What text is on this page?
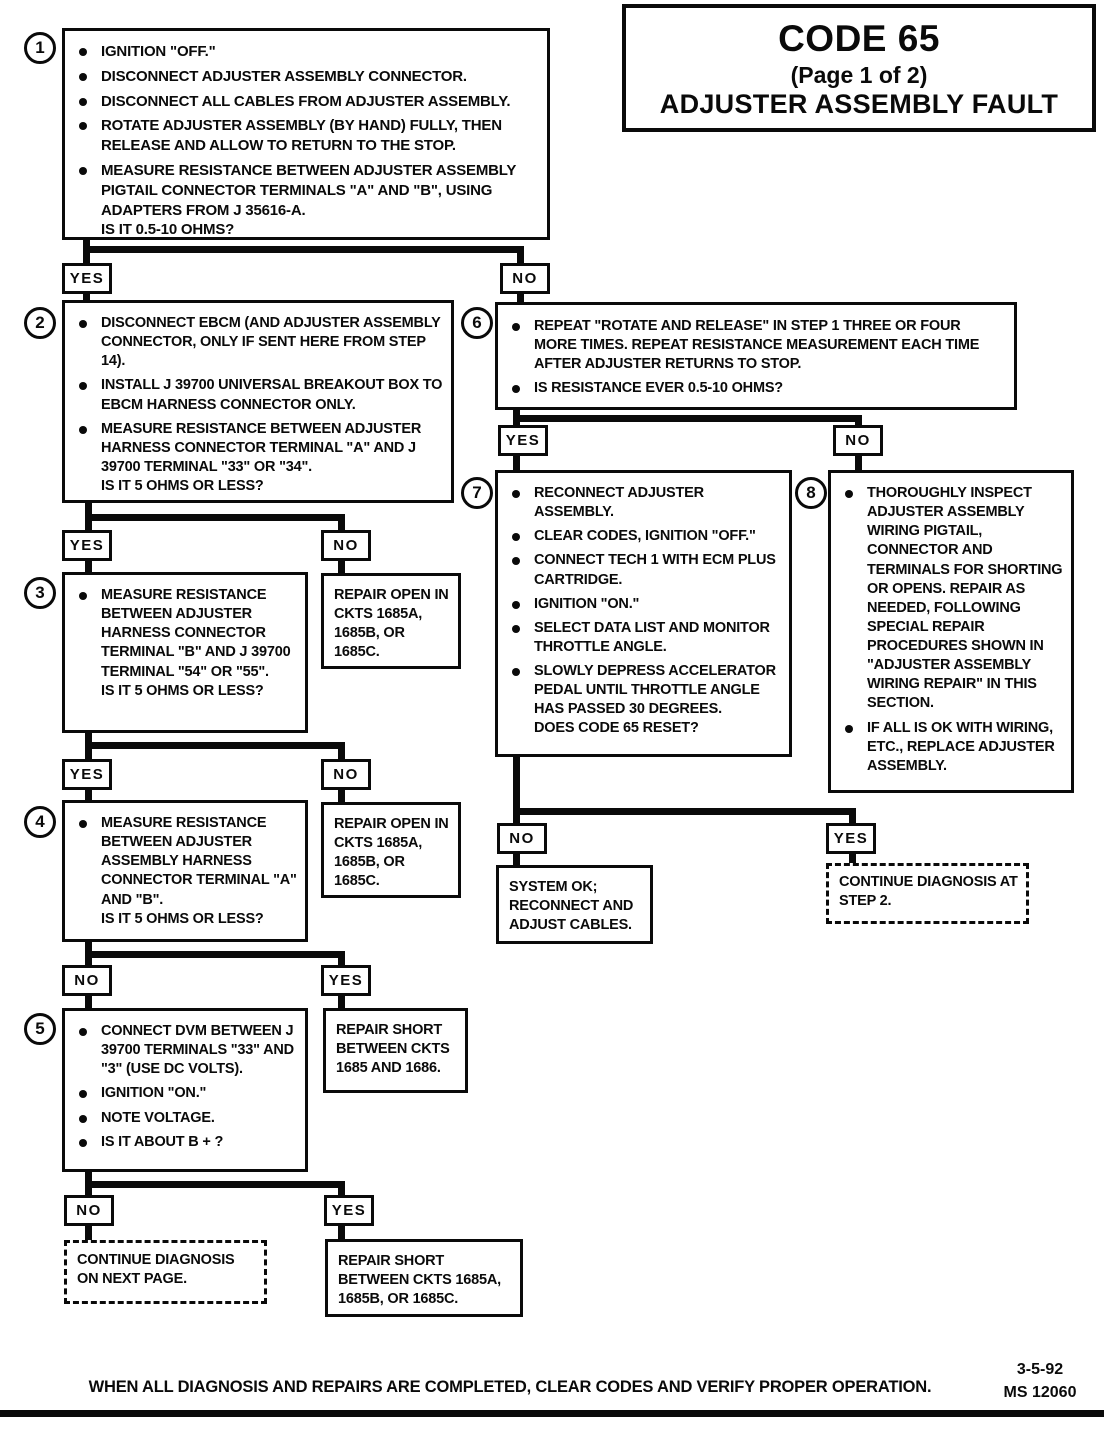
CODE 65
(Page 1 of 2)
ADJUSTER ASSEMBLY FAULT
1
2
3
4
5
6
7	8
IGNITION "OFF."
DISCONNECT ADJUSTER ASSEMBLY CONNECTOR.
DISCONNECT ALL CABLES FROM ADJUSTER ASSEMBLY.
ROTATE ADJUSTER ASSEMBLY (BY HAND) FULLY, THEN RELEASE AND ALLOW TO RETURN TO THE STOP.
MEASURE RESISTANCE BETWEEN ADJUSTER ASSEMBLY PIGTAIL CONNECTOR TERMINALS "A" AND "B", USING ADAPTERS FROM J 35616-A.
IS IT 0.5-10 OHMS?
DISCONNECT EBCM (AND ADJUSTER ASSEMBLY CONNECTOR, ONLY IF SENT HERE FROM STEP 14).
INSTALL J 39700 UNIVERSAL BREAKOUT BOX TO EBCM HARNESS CONNECTOR ONLY.
MEASURE RESISTANCE BETWEEN ADJUSTER HARNESS CONNECTOR TERMINAL "A" AND J 39700 TERMINAL "33" OR "34".
IS IT 5 OHMS OR LESS?
MEASURE RESISTANCE BETWEEN ADJUSTER HARNESS CONNECTOR TERMINAL "B" AND J 39700 TERMINAL "54" OR "55".
IS IT 5 OHMS OR LESS?
REPAIR OPEN IN CKTS 1685A, 1685B, OR 1685C.
MEASURE RESISTANCE BETWEEN ADJUSTER ASSEMBLY HARNESS CONNECTOR TERMINAL "A" AND "B".
IS IT 5 OHMS OR LESS?
REPAIR OPEN IN CKTS 1685A, 1685B, OR 1685C.
CONNECT DVM BETWEEN J 39700 TERMINALS "33" AND "3" (USE DC VOLTS).
IGNITION "ON."
NOTE VOLTAGE.
IS IT ABOUT B + ?
REPAIR SHORT BETWEEN CKTS 1685 AND 1686.
CONTINUE DIAGNOSIS ON NEXT PAGE.
REPAIR SHORT BETWEEN CKTS 1685A, 1685B, OR 1685C.
REPEAT "ROTATE AND RELEASE" IN STEP 1 THREE OR FOUR MORE TIMES. REPEAT RESISTANCE MEASUREMENT EACH TIME AFTER ADJUSTER RETURNS TO STOP.
IS RESISTANCE EVER 0.5-10 OHMS?
RECONNECT ADJUSTER ASSEMBLY.
CLEAR CODES, IGNITION "OFF."
CONNECT TECH 1 WITH ECM PLUS CARTRIDGE.
IGNITION "ON."
SELECT DATA LIST AND MONITOR THROTTLE ANGLE.
SLOWLY DEPRESS ACCELERATOR PEDAL UNTIL THROTTLE ANGLE HAS PASSED 30 DEGREES.
DOES CODE 65 RESET?
THOROUGHLY INSPECT ADJUSTER ASSEMBLY WIRING PIGTAIL, CONNECTOR AND TERMINALS FOR SHORTING OR OPENS. REPAIR AS NEEDED, FOLLOWING SPECIAL REPAIR PROCEDURES SHOWN IN "ADJUSTER ASSEMBLY WIRING REPAIR" IN THIS SECTION.
IF ALL IS OK WITH WIRING, ETC., REPLACE ADJUSTER ASSEMBLY.
SYSTEM OK; RECONNECT AND ADJUST CABLES.
CONTINUE DIAGNOSIS AT STEP 2.
YES	NO
YES	NO
YES	NO
NO	YES
NO	YES
YES	NO
NO	YES
WHEN ALL DIAGNOSIS AND REPAIRS ARE COMPLETED, CLEAR CODES AND VERIFY PROPER OPERATION.
3-5-92
MS 12060
